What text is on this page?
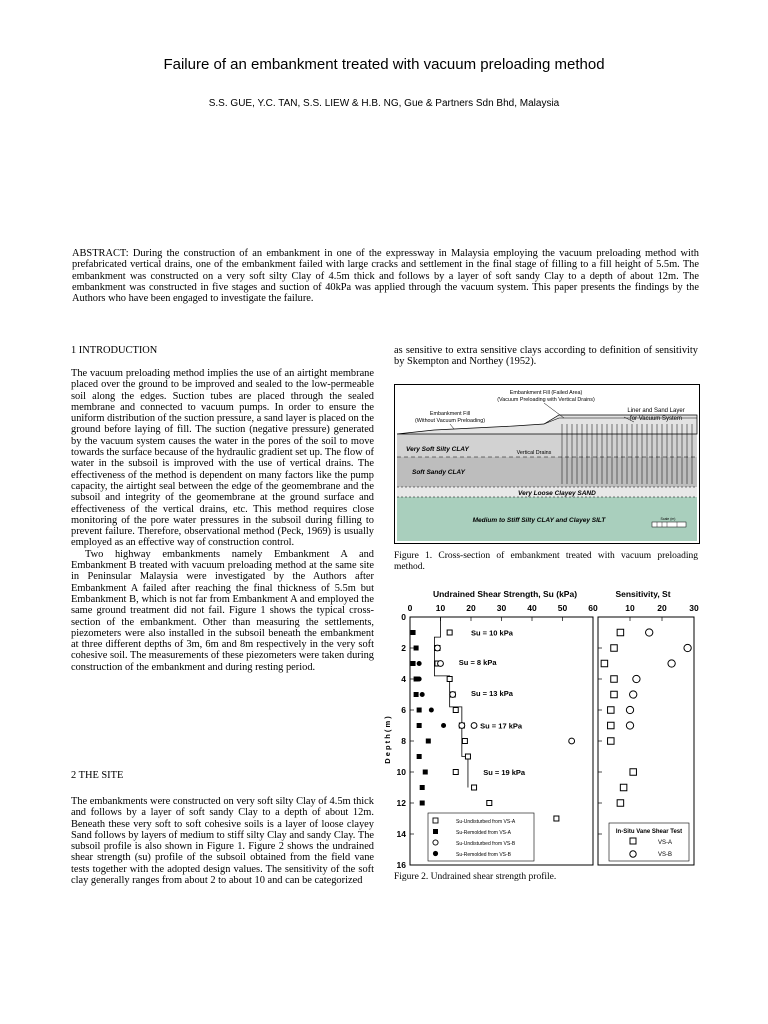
Failure of an embankment treated with vacuum preloading method
S.S. GUE, Y.C. TAN, S.S. LIEW & H.B. NG, Gue & Partners Sdn Bhd, Malaysia
ABSTRACT: During the construction of an embankment in one of the expressway in Malaysia employing the vacuum preloading method with prefabricated vertical drains, one of the embankment failed with large cracks and settlement in the final stage of filling to a fill height of 5.5m. The embankment was constructed on a very soft silty Clay of 4.5m thick and follows by a layer of soft sandy Clay to a depth of about 12m. The embankment was constructed in five stages and suction of 40kPa was applied through the vacuum system. This paper presents the findings by the Authors who have been engaged to investigate the failure.
1 INTRODUCTION

The vacuum preloading method implies the use of an airtight membrane placed over the ground to be improved and sealed to the low-permeable soil along the edges. Suction tubes are placed through the sealed membrane and connected to vacuum pumps. In order to ensure the uniform distribution of the suction pressure, a sand layer is placed on the ground before laying of fill. The suction (negative pressure) generated by the vacuum system causes the water in the pores of the soil to move towards the surface because of the hydraulic gradient set up. The flow of water in the subsoil is improved with the use of vertical drains. The effectiveness of the method is dependent on many factors like the pump capacity, the airtight seal between the edge of the geomembrane and the subsoil and integrity of the geomembrane at the ground surface and effectiveness of the vertical drains, etc. This method requires close monitoring of the pore water pressures in the subsoil during filling to prevent failure. Therefore, observational method (Peck, 1969) is usually employed as an effective way of construction control.

Two highway embankments namely Embankment A and Embankment B treated with vacuum preloading method at the same site in Peninsular Malaysia were investigated by the Authors after Embankment A failed after reaching the final thickness of 5.5m but Embankment B, which is not far from Embankment A and employed the same ground treatment did not fail. Figure 1 shows the typical cross-section of the embankment. Other than measuring the settlements, piezometers were also installed in the subsoil beneath the embankment at three different depths of 3m, 6m and 8m respectively in the very soft cohesive soil. The measurements of these piezometers were taken during construction of the embankment and during resting period.

2 THE SITE

The embankments were constructed on very soft silty Clay of 4.5m thick and follows by a layer of soft sandy Clay to a depth of about 12m. Beneath these very soft to soft cohesive soils is a layer of loose clayey Sand follows by layers of medium to stiff silty Clay and sandy Clay. The subsoil profile is also shown in Figure 1. Figure 2 shows the undrained shear strength (su) profile of the subsoil obtained from the field vane tests together with the adopted design values. The sensitivity of the soft clay generally ranges from about 2 to about 10 and can be categorized

as sensitive to extra sensitive clays according to definition of sensitivity by Skempton and Northey (1952).
Embankment Fill (Failed Area)
(Vacuum Preloading with Vertical Drains)
Embankment Fill
(Without Vacuum Preloading)
Liner and Sand Layer
for Vacuum System
Vertical Drains
Very Soft Silty CLAY
Soft Sandy CLAY
Very Loose Clayey SAND
Medium to Stiff Silty CLAY and Clayey SILT	Scale (m)
Figure 1. Cross-section of embankment treated with vacuum preloading method.
Undrained Shear Strength, Su (kPa)	Sensitivity, St
D e p t h ( m )
0	10 20 30 40 50 60	10	20	30
0
2
4
6
8
10
12
14
16
Su = 10 kPa
Su = 8 kPa
Su = 13 kPa
Su = 17 kPa
Su = 19 kPa
Su-Undisturbed from VS-A
Su-Remolded from VS-A
Su-Undisturbed from VS-B
Su-Remolded from VS-B
In-Situ Vane Shear Test
VS-A
VS-B
Figure 2. Undrained shear strength profile.
